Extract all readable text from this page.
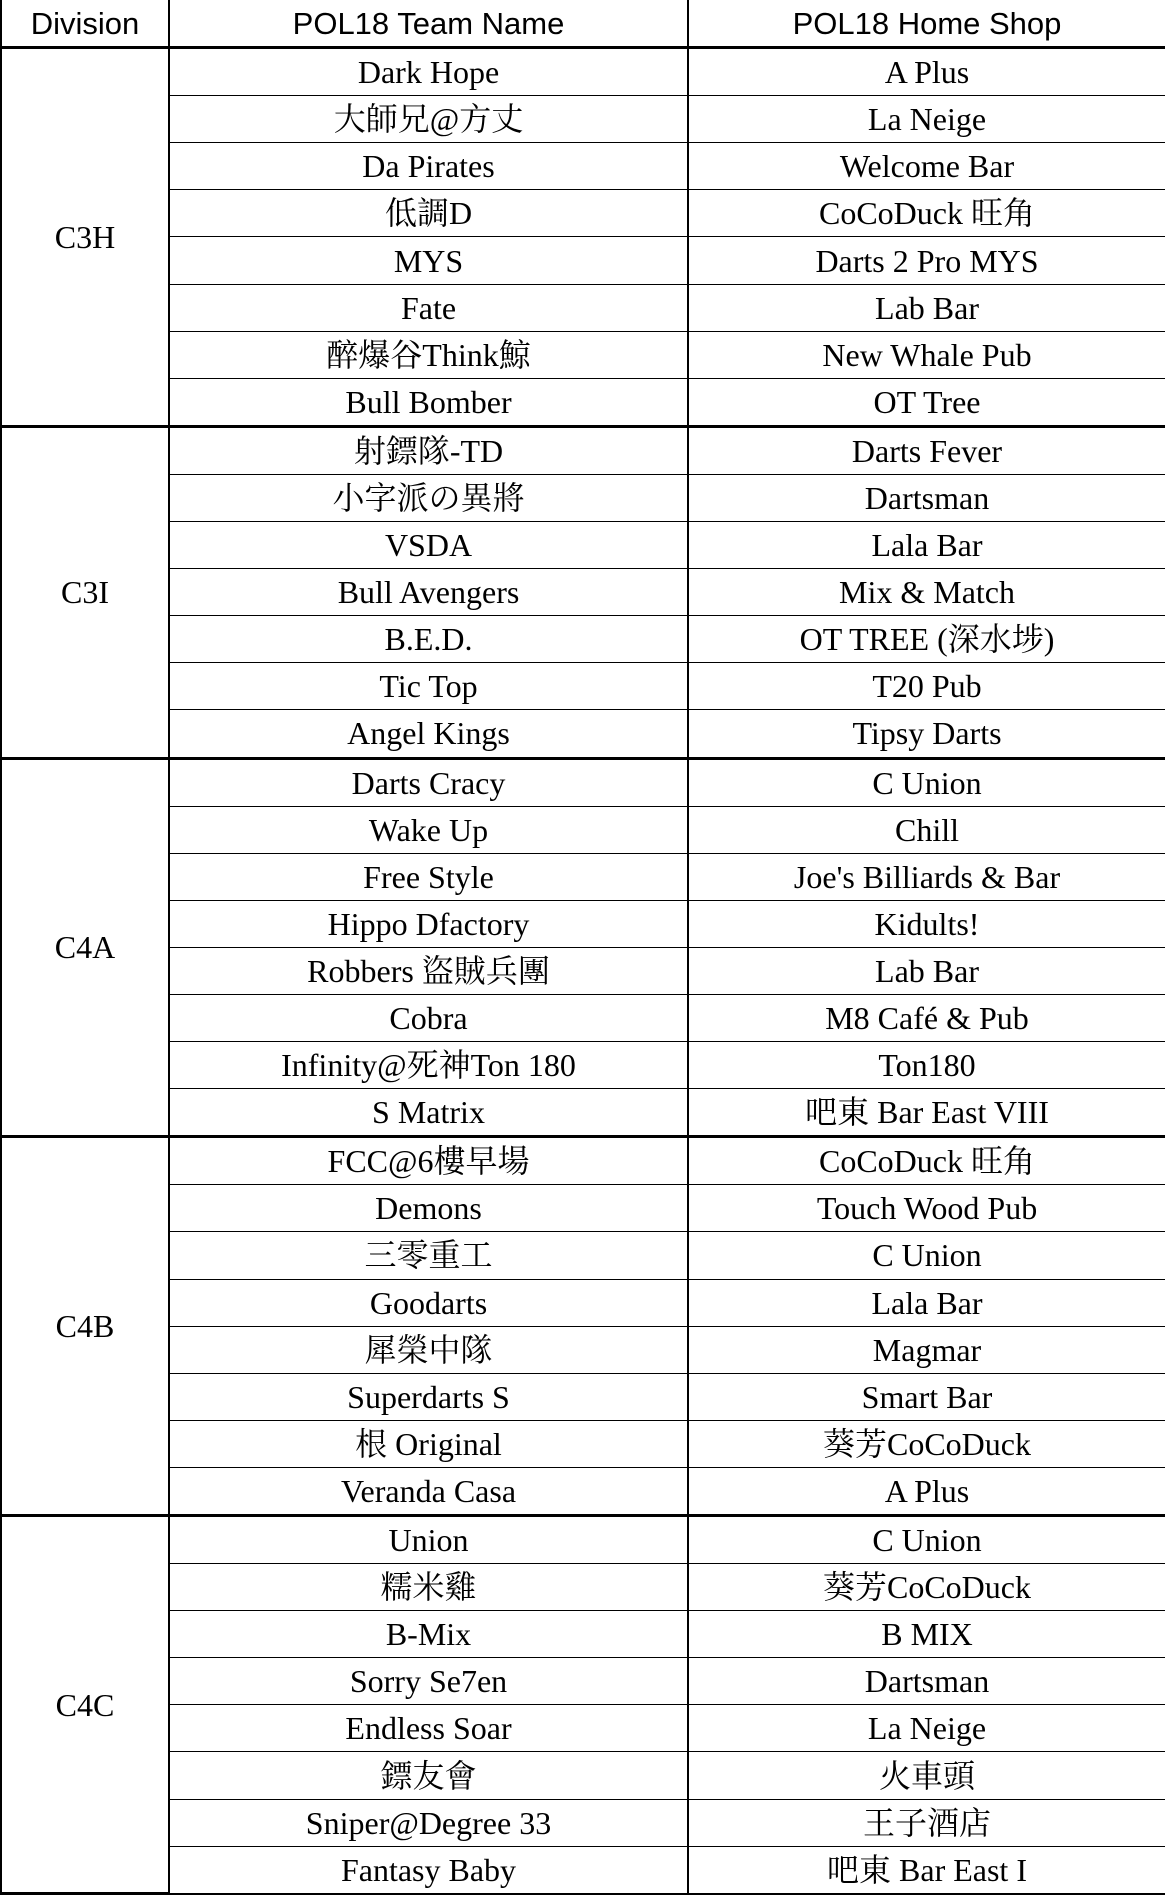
Division	POL18 Team Name	POL18 Home Shop
C3H	Dark Hope	A Plus
	大師兄@方丈	La Neige
	Da Pirates	Welcome Bar
	低調D	CoCoDuck 旺角
	MYS	Darts 2 Pro MYS
	Fate	Lab Bar
	醉爆谷Think鯨	New Whale Pub
	Bull Bomber	OT Tree
C3I	射鏢隊-TD	Darts Fever
	小字派の異將	Dartsman
	VSDA	Lala Bar
	Bull Avengers	Mix & Match
	B.E.D.	OT TREE (深水埗)
	Tic Top	T20 Pub
	Angel Kings	Tipsy Darts
C4A	Darts Cracy	C Union
	Wake Up	Chill
	Free Style	Joe's Billiards & Bar
	Hippo Dfactory	Kidults!
	Robbers 盜賊兵團	Lab Bar
	Cobra	M8 Café & Pub
	Infinity@死神Ton 180	Ton180
	S Matrix	吧東 Bar East VIII
C4B	FCC@6樓早場	CoCoDuck 旺角
	Demons	Touch Wood Pub
	三零重工	C Union
	Goodarts	Lala Bar
	犀榮中隊	Magmar
	Superdarts S	Smart Bar
	根 Original	葵芳CoCoDuck
	Veranda Casa	A Plus
C4C	Union	C Union
	糯米雞	葵芳CoCoDuck
	B-Mix	B MIX
	Sorry Se7en	Dartsman
	Endless Soar	La Neige
	鏢友會	火車頭
	Sniper@Degree 33	王子酒店
	Fantasy Baby	吧東 Bar East I
